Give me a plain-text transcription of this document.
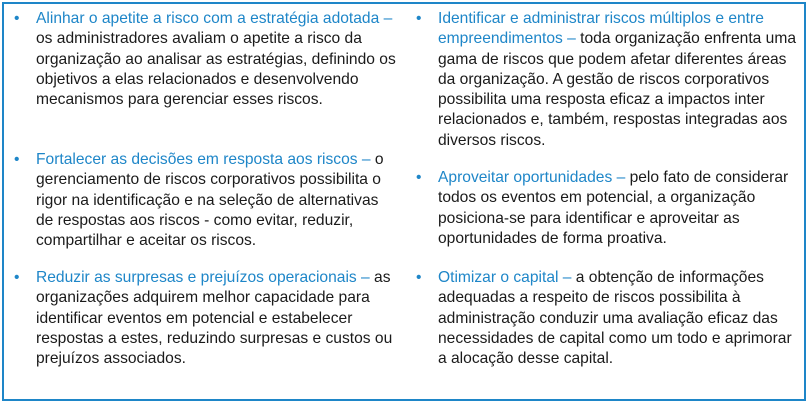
• Alinhar o apetite a risco com a estratégia adotada – os administradores avaliam o apetite a risco da organização ao analisar as estratégias, definindo os objetivos a elas relacionados e desenvolvendo mecanismos para gerenciar esses riscos.
• Fortalecer as decisões em resposta aos riscos – o gerenciamento de riscos corporativos possibilita o rigor na identificação e na seleção de alternativas de respostas aos riscos - como evitar, reduzir, compartilhar e aceitar os riscos.
• Reduzir as surpresas e prejuízos operacionais – as organizações adquirem melhor capacidade para identificar eventos em potencial e estabelecer respostas a estes, reduzindo surpresas e custos ou prejuízos associados.
• Identificar e administrar riscos múltiplos e entre empreendimentos – toda organização enfrenta uma gama de riscos que podem afetar diferentes áreas da organização. A gestão de riscos corporativos possibilita uma resposta eficaz a impactos inter relacionados e, também, respostas integradas aos diversos riscos.
• Aproveitar oportunidades – pelo fato de considerar todos os eventos em potencial, a organização posiciona-se para identificar e aproveitar as oportunidades de forma proativa.
• Otimizar o capital – a obtenção de informações adequadas a respeito de riscos possibilita à administração conduzir uma avaliação eficaz das necessidades de capital como um todo e aprimorar a alocação desse capital.
